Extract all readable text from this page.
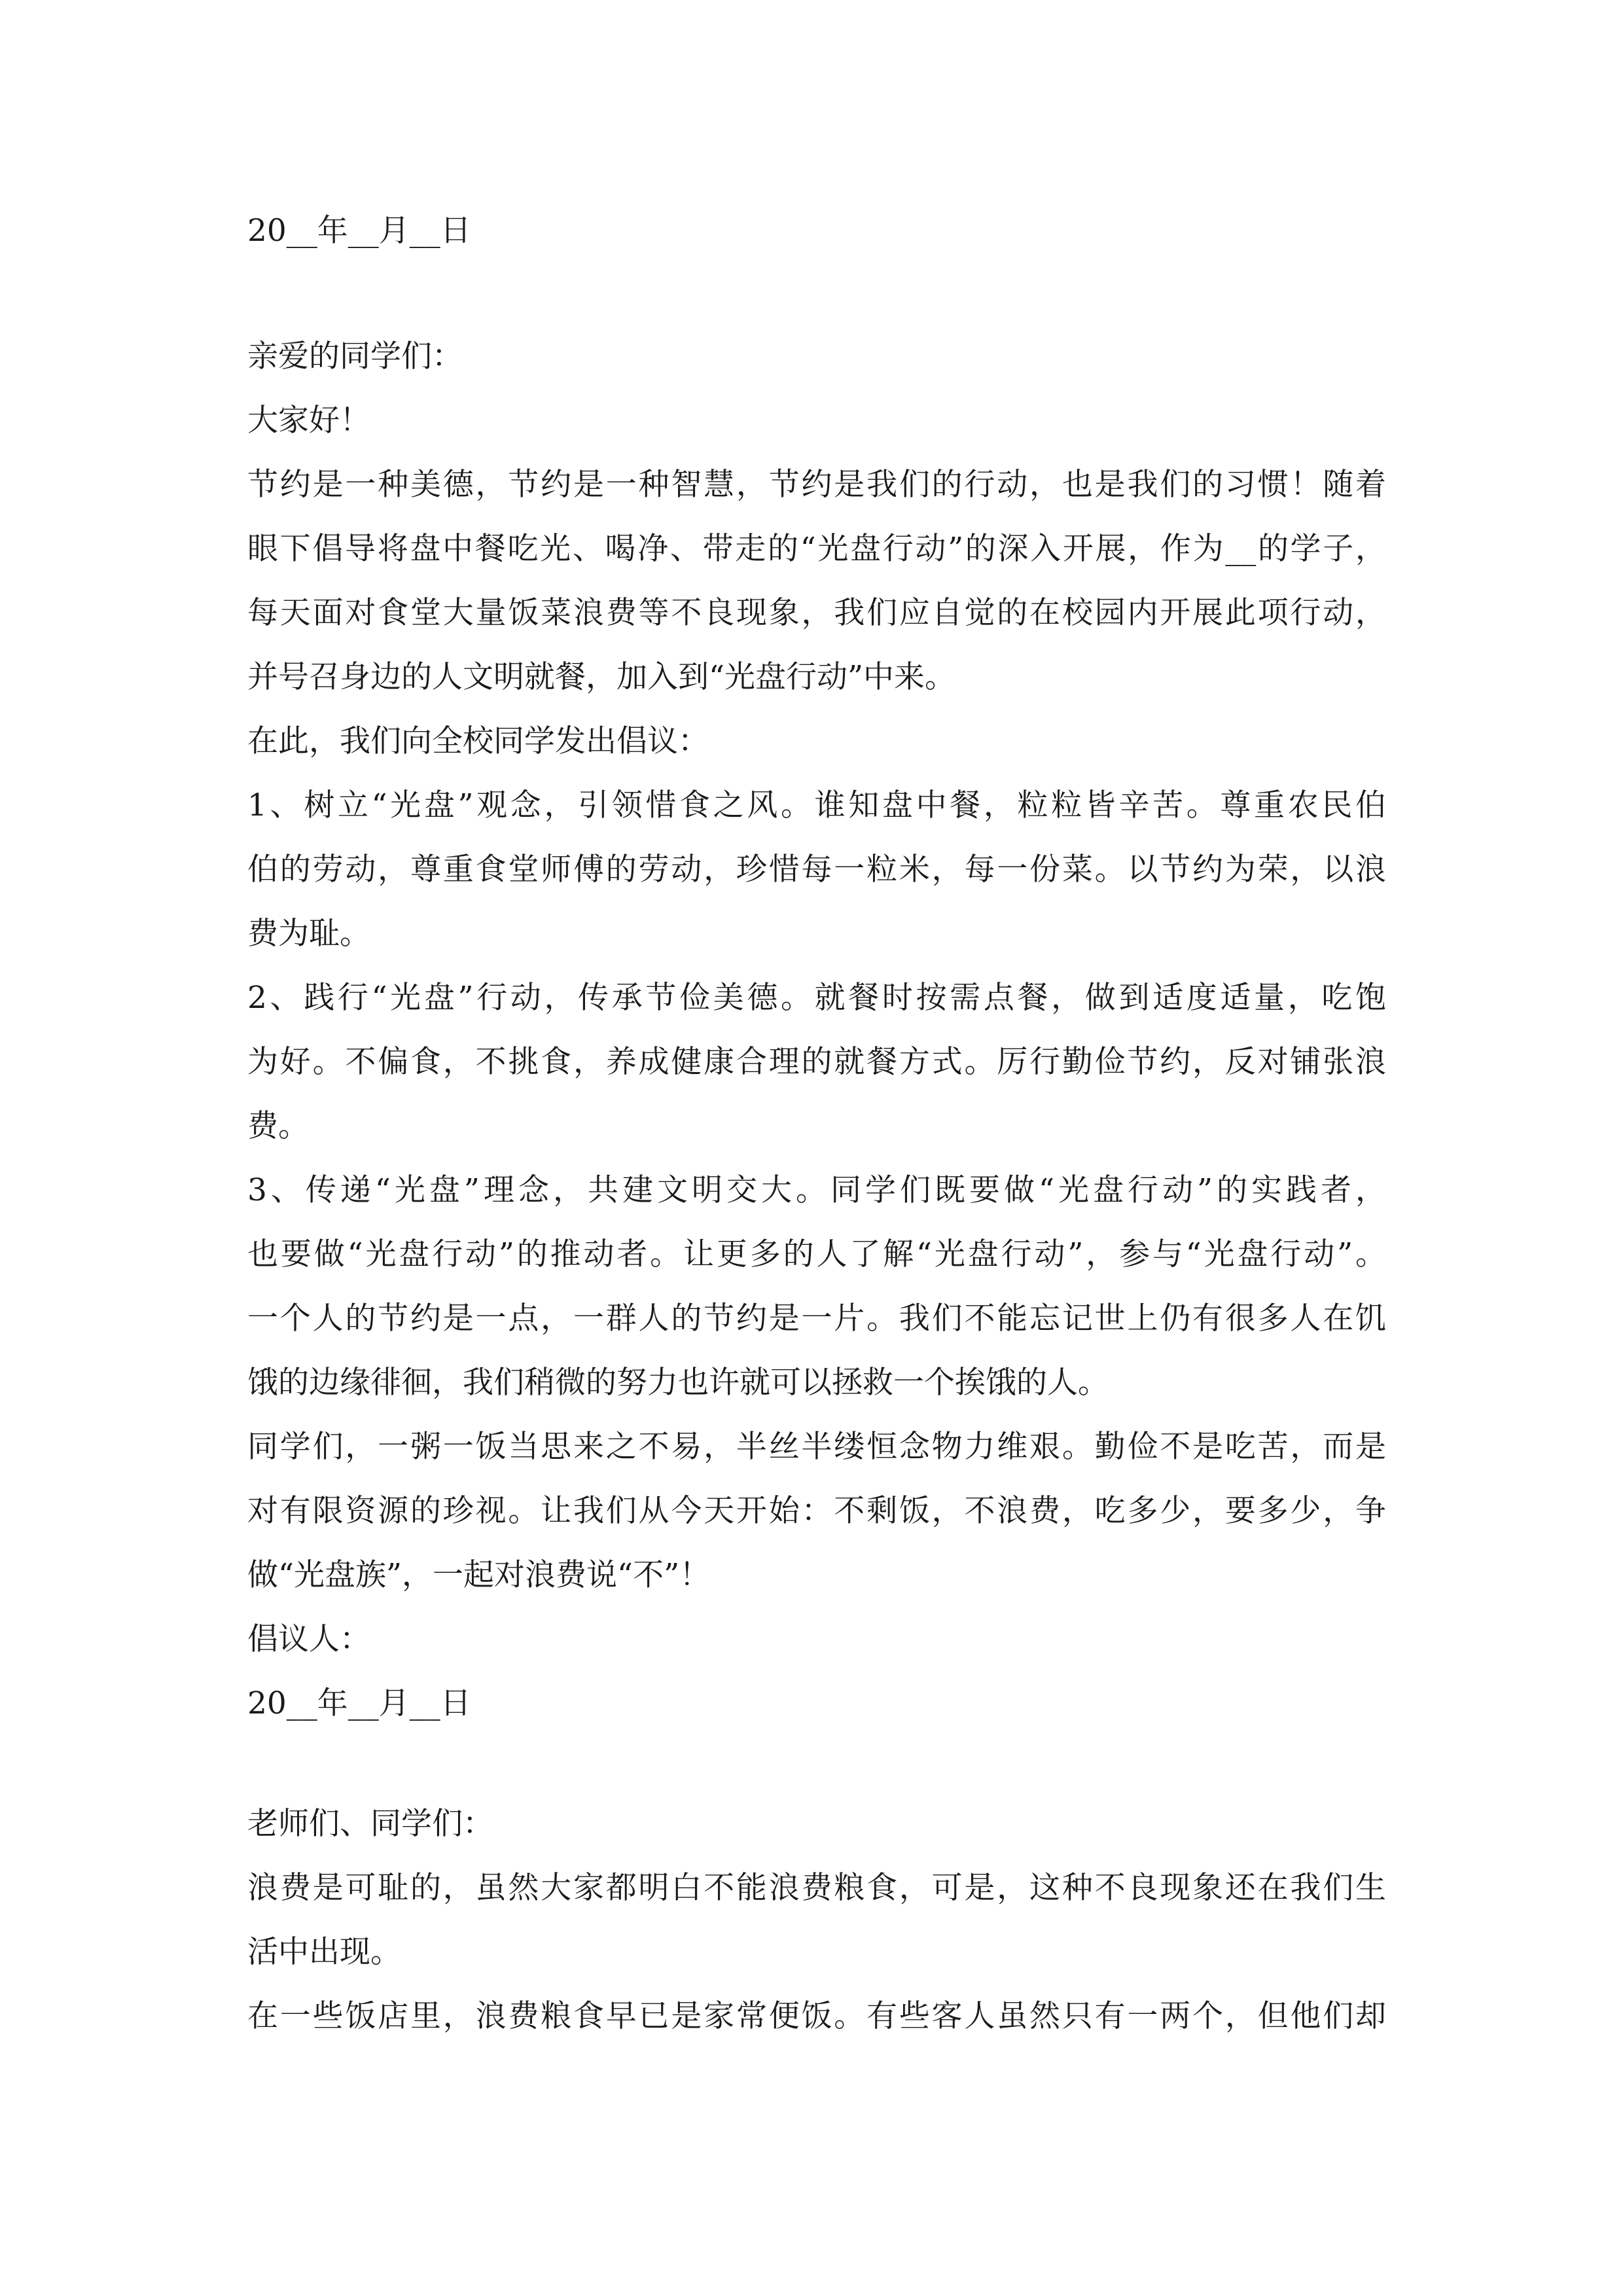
20__年__月__日
亲爱的同学们：
大家好！
节约是一种美德，节约是一种智慧，节约是我们的行动，也是我们的习惯！随着
眼下倡导将盘中餐吃光、喝净、带走的“光盘行动”的深入开展，作为__的学子，
每天面对食堂大量饭菜浪费等不良现象，我们应自觉的在校园内开展此项行动，
并号召身边的人文明就餐，加入到“光盘行动”中来。
在此，我们向全校同学发出倡议：
1、树立“光盘”观念，引领惜食之风。谁知盘中餐，粒粒皆辛苦。尊重农民伯
伯的劳动，尊重食堂师傅的劳动，珍惜每一粒米，每一份菜。以节约为荣，以浪
费为耻。
2、践行“光盘”行动，传承节俭美德。就餐时按需点餐，做到适度适量，吃饱
为好。不偏食，不挑食，养成健康合理的就餐方式。厉行勤俭节约，反对铺张浪
费。
3、传递“光盘”理念，共建文明交大。同学们既要做“光盘行动”的实践者，
也要做“光盘行动”的推动者。让更多的人了解“光盘行动”，参与“光盘行动”。
一个人的节约是一点，一群人的节约是一片。我们不能忘记世上仍有很多人在饥
饿的边缘徘徊，我们稍微的努力也许就可以拯救一个挨饿的人。
同学们，一粥一饭当思来之不易，半丝半缕恒念物力维艰。勤俭不是吃苦，而是
对有限资源的珍视。让我们从今天开始：不剩饭，不浪费，吃多少，要多少，争
做“光盘族”，一起对浪费说“不”！
倡议人：
20__年__月__日
老师们、同学们：
浪费是可耻的，虽然大家都明白不能浪费粮食，可是，这种不良现象还在我们生
活中出现。
在一些饭店里，浪费粮食早已是家常便饭。有些客人虽然只有一两个，但他们却
